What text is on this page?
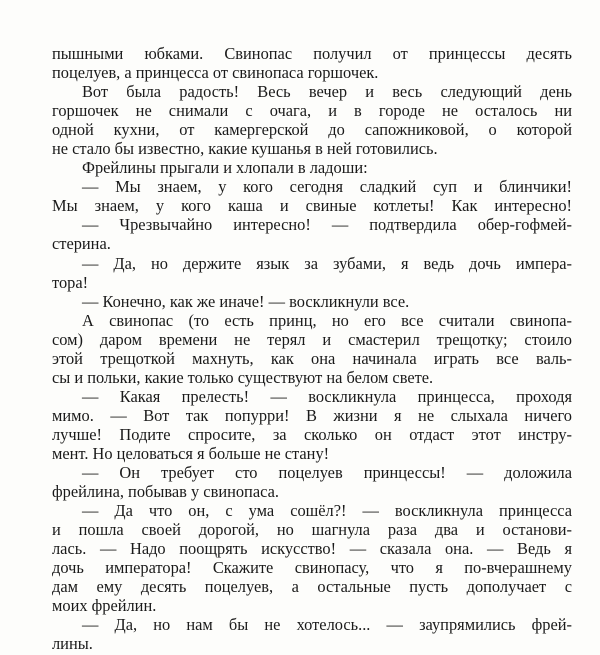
пышными юбками. Свинопас получил от принцессы десять
поцелуев, а принцесса от свинопаса горшочек.
Вот была радость! Весь вечер и весь следующий день
горшочек не снимали с очага, и в городе не осталось ни
одной кухни, от камергерской до сапожниковой, о которой
не стало бы известно, какие кушанья в ней готовились.
Фрейлины прыгали и хлопали в ладоши:
— Мы знаем, у кого сегодня сладкий суп и блинчики!
Мы знаем, у кого каша и свиные котлеты! Как интересно!
— Чрезвычайно интересно! — подтвердила обер-гофмей-
стерина.
— Да, но держите язык за зубами, я ведь дочь импера-
тора!
— Конечно, как же иначе! — воскликнули все.
А свинопас (то есть принц, но его все считали свинопа-
сом) даром времени не терял и смастерил трещотку; стоило
этой трещоткой махнуть, как она начинала играть все валь-
сы и польки, какие только существуют на белом свете.
— Какая прелесть! — воскликнула принцесса, проходя
мимо. — Вот так попурри! В жизни я не слыхала ничего
лучше! Подите спросите, за сколько он отдаст этот инстру-
мент. Но целоваться я больше не стану!
— Он требует сто поцелуев принцессы! — доложила
фрейлина, побывав у свинопаса.
— Да что он, с ума сошёл?! — воскликнула принцесса
и пошла своей дорогой, но шагнула раза два и останови-
лась. — Надо поощрять искусство! — сказала она. — Ведь я
дочь императора! Скажите свинопасу, что я по-вчерашнему
дам ему десять поцелуев, а остальные пусть дополучает с
моих фрейлин.
— Да, но нам бы не хотелось... — заупрямились фрей-
лины.
